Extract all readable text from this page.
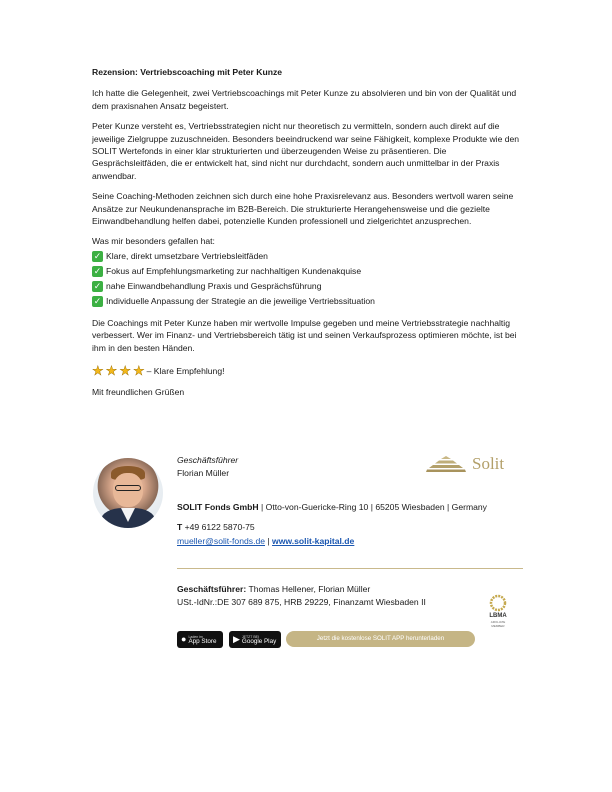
Rezension: Vertriebscoaching mit Peter Kunze

Ich hatte die Gelegenheit, zwei Vertriebscoachings mit Peter Kunze zu absolvieren und bin von der Qualität und dem praxisnahen Ansatz begeistert.

Peter Kunze versteht es, Vertriebsstrategien nicht nur theoretisch zu vermitteln, sondern auch direkt auf die jeweilige Zielgruppe zuzuschneiden. Besonders beeindruckend war seine Fähigkeit, komplexe Produkte wie den SOLIT Wertefonds in einer klar strukturierten und überzeugenden Weise zu präsentieren. Die Gesprächsleitfäden, die er entwickelt hat, sind nicht nur durchdacht, sondern auch unmittelbar in der Praxis anwendbar.

Seine Coaching-Methoden zeichnen sich durch eine hohe Praxisrelevanz aus. Besonders wertvoll waren seine Ansätze zur Neukundenansprache im B2B-Bereich. Die strukturierte Herangehensweise und die gezielte Einwandbehandlung helfen dabei, potenzielle Kunden professionell und zielgerichtet anzusprechen.

Was mir besonders gefallen hat:

✓ Klare, direkt umsetzbare Vertriebsleitfäden
✓ Fokus auf Empfehlungsmarketing zur nachhaltigen Kundenakquise
✓ nahe Einwandbehandlung Praxis und Gesprächsführung
✓ Individuelle Anpassung der Strategie an die jeweilige Vertriebssituation

Die Coachings mit Peter Kunze haben mir wertvolle Impulse gegeben und meine Vertriebsstrategie nachhaltig verbessert. Wer im Finanz- und Vertriebsbereich tätig ist und seinen Verkaufsprozess optimieren möchte, ist bei ihm in den besten Händen.

★ ★ ★ ★ – Klare Empfehlung!

Mit freundlichen Grüßen

Geschäftsführer
Florian Müller
Solit
SOLIT Fonds GmbH | Otto-von-Guericke-Ring 10 | 65205 Wiesbaden | Germany
T +49 6122 5870-75
mueller@solit-fonds.de | www.solit-kapital.de
Geschäftsführer: Thomas Hellener, Florian Müller
USt.-IdNr.:DE 307 689 875, HRB 29229, Finanzamt Wiesbaden II
LBMA
AFFILIATE MEMBER
● Laden im
App Store ▶ JETZT BEI
Google Play	Jetzt die kostenlose SOLIT APP herunterladen
